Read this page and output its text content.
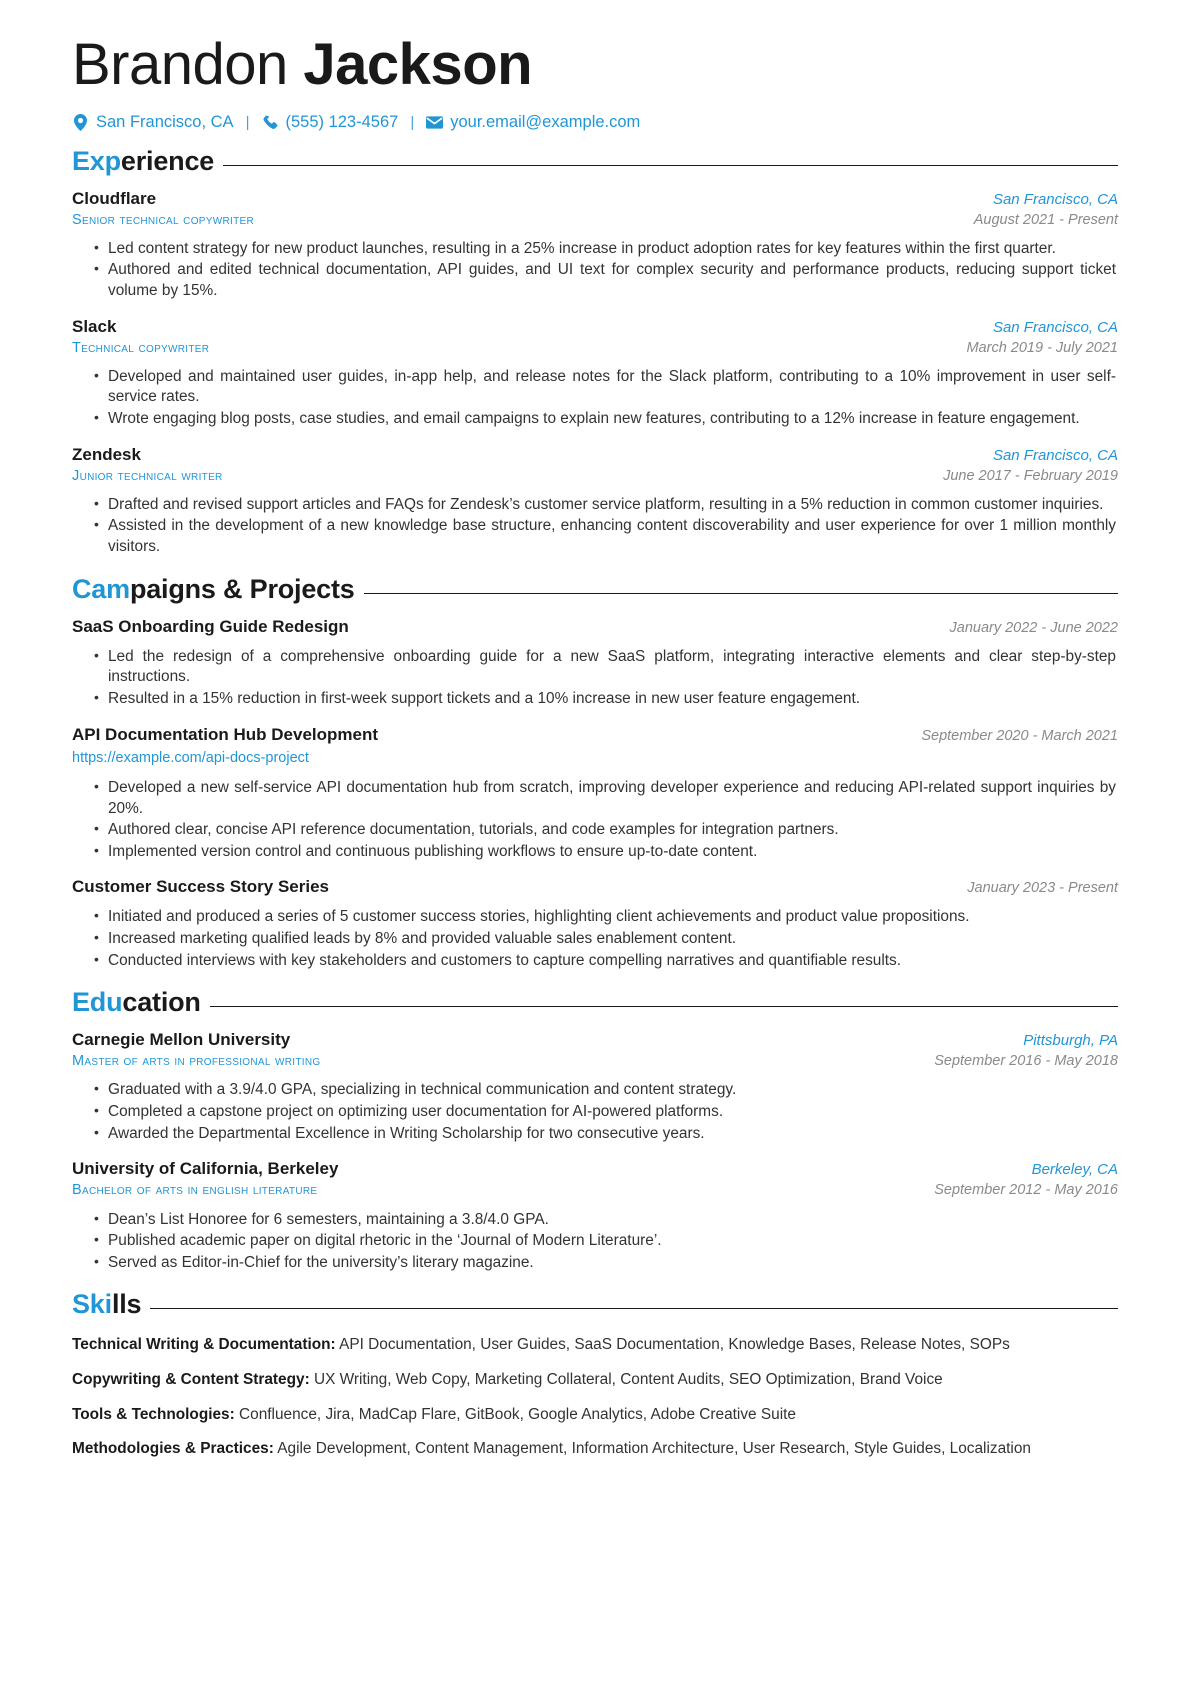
Brandon Jackson
San Francisco, CA |	(555) 123-4567 |	your.email@example.com
Experience
Cloudflare	San Francisco, CA
Senior technical copywriter	August 2021 - Present
• Led content strategy for new product launches, resulting in a 25% increase in product adoption rates for key features within the first quarter.
• Authored and edited technical documentation, API guides, and UI text for complex security and performance products, reducing support ticket volume by 15%.
Slack	San Francisco, CA
Technical copywriter	March 2019 - July 2021
• Developed and maintained user guides, in-app help, and release notes for the Slack platform, contributing to a 10% improvement in user self-service rates.
• Wrote engaging blog posts, case studies, and email campaigns to explain new features, contributing to a 12% increase in feature engagement.
Zendesk	San Francisco, CA
Junior technical writer	June 2017 - February 2019
• Drafted and revised support articles and FAQs for Zendesk’s customer service platform, resulting in a 5% reduction in common customer inquiries.
• Assisted in the development of a new knowledge base structure, enhancing content discoverability and user experience for over 1 million monthly visitors.
Campaigns & Projects
SaaS Onboarding Guide Redesign	January 2022 - June 2022
• Led the redesign of a comprehensive onboarding guide for a new SaaS platform, integrating interactive elements and clear step-by-step instructions.
• Resulted in a 15% reduction in first-week support tickets and a 10% increase in new user feature engagement.
API Documentation Hub Development	September 2020 - March 2021
https://example.com/api-docs-project
• Developed a new self-service API documentation hub from scratch, improving developer experience and reducing API-related support inquiries by 20%.
• Authored clear, concise API reference documentation, tutorials, and code examples for integration partners.
• Implemented version control and continuous publishing workflows to ensure up-to-date content.
Customer Success Story Series	January 2023 - Present
• Initiated and produced a series of 5 customer success stories, highlighting client achievements and product value propositions.
• Increased marketing qualified leads by 8% and provided valuable sales enablement content.
• Conducted interviews with key stakeholders and customers to capture compelling narratives and quantifiable results.
Education
Carnegie Mellon University	Pittsburgh, PA
Master of arts in professional writing	September 2016 - May 2018
• Graduated with a 3.9/4.0 GPA, specializing in technical communication and content strategy.
• Completed a capstone project on optimizing user documentation for AI-powered platforms.
• Awarded the Departmental Excellence in Writing Scholarship for two consecutive years.
University of California, Berkeley	Berkeley, CA
Bachelor of arts in english literature	September 2012 - May 2016
• Dean’s List Honoree for 6 semesters, maintaining a 3.8/4.0 GPA.
• Published academic paper on digital rhetoric in the ‘Journal of Modern Literature’.
• Served as Editor-in-Chief for the university’s literary magazine.
Skills
Technical Writing & Documentation: API Documentation, User Guides, SaaS Documentation, Knowledge Bases, Release Notes, SOPs
Copywriting & Content Strategy: UX Writing, Web Copy, Marketing Collateral, Content Audits, SEO Optimization, Brand Voice
Tools & Technologies: Confluence, Jira, MadCap Flare, GitBook, Google Analytics, Adobe Creative Suite
Methodologies & Practices: Agile Development, Content Management, Information Architecture, User Research, Style Guides, Localization
